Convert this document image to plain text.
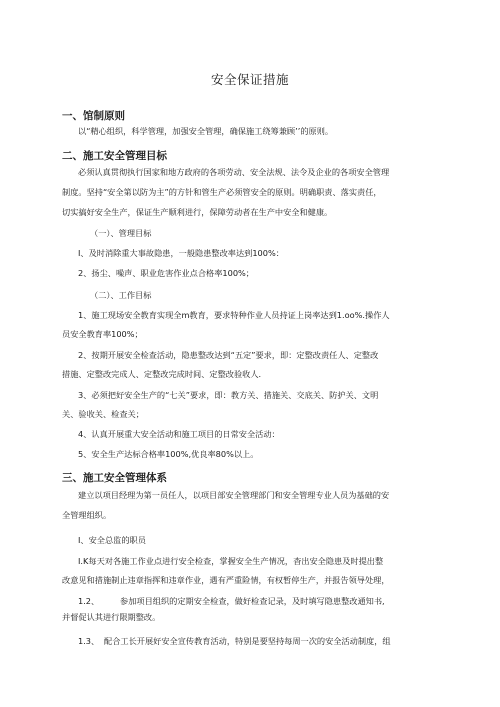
安全保证措施
一、馆制原则
以“精心组织，科学管理，加强安全管理，确保施工绕筹兼顾’’的原则。
二、施工安全管理目标
必须认真贯彻执行国家和地方政府的各项劳动、安全法规、法令及企业的各项安全管理
制度。坚持“安全第以防为主”的方针和管生产必须管安全的原则。明确职责、落实责任，
切实搞好安全生产，保证生产顺利进行，保障劳动者在生产中安全和健康。
（一）、管理目标
I、及时消除重大事故隐患，一般隐患整改率达到100%：
2、扬尘、噪声、职业危害作业点合格率100%；
（二）、工作目标
1、施工现场安全教育实现全m教育，要求特种作业人员持证上岗率达到1.oo%.操作人
员安全教育率100%；
2、按期开展安全检查活动，隐患整改达到“五定”要求，即：定整改责任人、定整改
措施、定整改完成人、定整改完成时间、定整改验收人.
3、必须把好安全生产的“七关”要求，即：教方关、措施关、交底关、防护关、文明
关、验收关、检查关；
4、认真开展重大安全活动和施工项目的日常安全活动：
5、安全生产达标合格率100%,优良率80%以上。
三、施工安全管理体系
建立以项目经理为第一员任人，以项目部安全管理部门和安全管理专业人员为基础的安
全管理组织。
I、安全总监的职员
I.K每天对各施工作业点进行安全检查，掌握安全生产情况，杳出安全隐患及时提出整
改意见和措施制止违章指挥和违章作业，遇有严重险情，有权暂停生产，并报告领导处理，
1.2、	参加项目组织的定期安全检查，做好检查记录，及时填写隐患整改通知书,
并督促认其进行限期整改。
1.3、 配合工长开展好安全宣传教育活动，特别是要坚持每周一次的安全活动制度，组
